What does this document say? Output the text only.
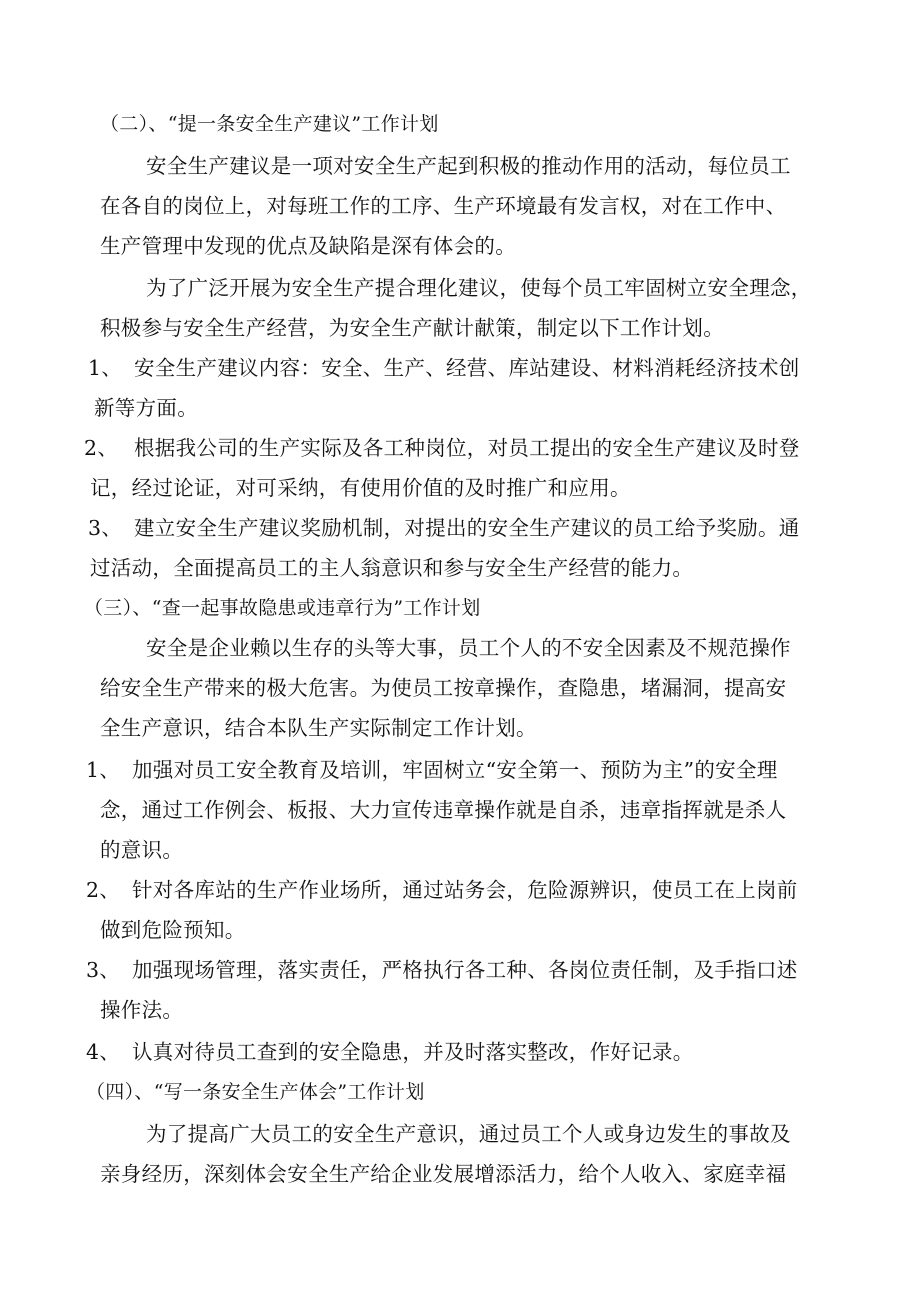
（二）、“提一条安全生产建议”工作计划
安全生产建议是一项对安全生产起到积极的推动作用的活动，每位员工
在各自的岗位上，对每班工作的工序、生产环境最有发言权，对在工作中、
生产管理中发现的优点及缺陷是深有体会的。
为了广泛开展为安全生产提合理化建议，使每个员工牢固树立安全理念，
积极参与安全生产经营，为安全生产献计献策，制定以下工作计划。
1、 安全生产建议内容：安全、生产、经营、库站建设、材料消耗经济技术创
新等方面。
2、 根据我公司的生产实际及各工种岗位，对员工提出的安全生产建议及时登
记，经过论证，对可采纳，有使用价值的及时推广和应用。
3、 建立安全生产建议奖励机制，对提出的安全生产建议的员工给予奖励。通
过活动，全面提高员工的主人翁意识和参与安全生产经营的能力。
（三）、“查一起事故隐患或违章行为”工作计划
安全是企业赖以生存的头等大事，员工个人的不安全因素及不规范操作
给安全生产带来的极大危害。为使员工按章操作，查隐患，堵漏洞，提高安
全生产意识，结合本队生产实际制定工作计划。
1、 加强对员工安全教育及培训，牢固树立“安全第一、预防为主”的安全理
念，通过工作例会、板报、大力宣传违章操作就是自杀，违章指挥就是杀人
的意识。
2、 针对各库站的生产作业场所，通过站务会，危险源辨识，使员工在上岗前
做到危险预知。
3、 加强现场管理，落实责任，严格执行各工种、各岗位责任制，及手指口述
操作法。
4、 认真对待员工查到的安全隐患，并及时落实整改，作好记录。
（四）、“写一条安全生产体会”工作计划
为了提高广大员工的安全生产意识，通过员工个人或身边发生的事故及
亲身经历，深刻体会安全生产给企业发展增添活力，给个人收入、家庭幸福
